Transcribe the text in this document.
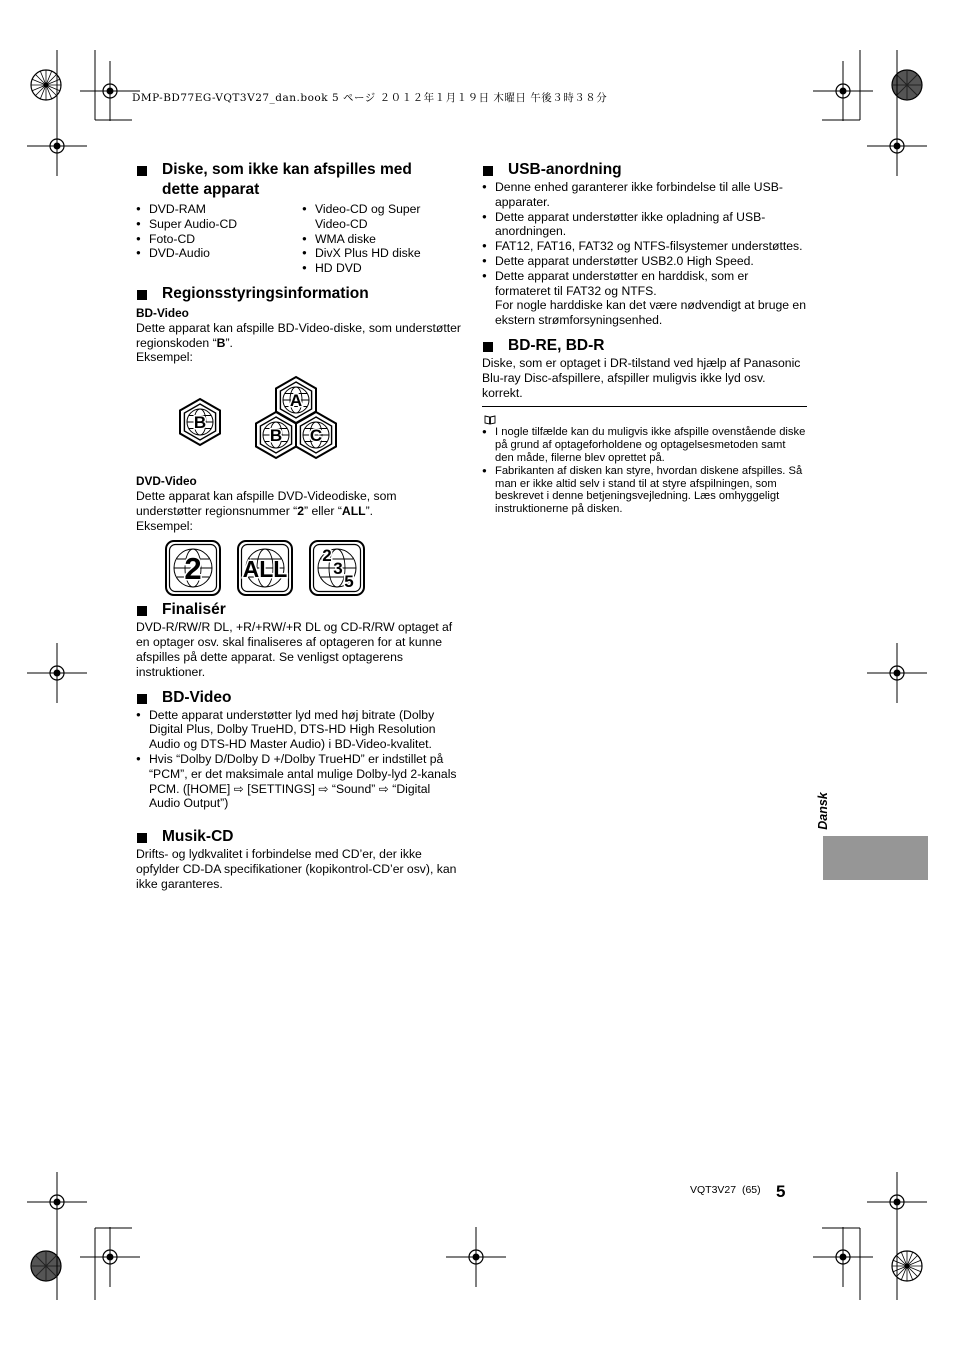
DMP-BD77EG-VQT3V27_dan.book 5 ページ ２０１２年１月１９日 木曜日 午後３時３８分
Diske, som ikke kan afspilles med
dette apparat
● DVD-RAM
● Super Audio-CD
● Foto-CD
● DVD-Audio
● Video-CD og Super Video-CD
● WMA diske
● DivX Plus HD diske
● HD DVD
Regionsstyringsinformation
BD-Video

Dette apparat kan afspille BD-Video-diske, som understøtter regionskoden “B”.

Eksempel:

B
A
B C
DVD-Video

Dette apparat kan afspille DVD-Videodiske, som understøtter regionsnummer “2” eller “ALL”.

Eksempel:

2 ALL
2
3
5
Finalisér

DVD-R/RW/R DL, +R/+RW/+R DL og CD-R/RW optaget af en optager osv. skal finaliseres af optageren for at kunne afspilles på dette apparat. Se venligst optagerens instruktioner.

BD-Video
● Dette apparat understøtter lyd med høj bitrate (Dolby Digital Plus, Dolby TrueHD, DTS-HD High Resolution Audio og DTS-HD Master Audio) i BD-Video-kvalitet.
● Hvis “Dolby D/Dolby D +/Dolby TrueHD” er indstillet på “PCM”, er det maksimale antal mulige Dolby-lyd 2-kanals PCM. ([HOME] ⇨ [SETTINGS] ⇨ “Sound” ⇨ “Digital Audio Output”)
Musik-CD

Drifts- og lydkvalitet i forbindelse med CD’er, der ikke opfylder CD-DA specifikationer (kopikontrol-CD’er osv), kan ikke garanteres.

USB-anordning
● Denne enhed garanterer ikke forbindelse til alle USB-apparater.
● Dette apparat understøtter ikke opladning af USB-anordningen.
● FAT12, FAT16, FAT32 og NTFS-filsystemer understøttes.
● Dette apparat understøtter USB2.0 High Speed.
● Dette apparat understøtter en harddisk, som er formateret til FAT32 og NTFS.

For nogle harddiske kan det være nødvendigt at bruge en ekstern strømforsyningsenhed.

BD-RE, BD-R

Diske, som er optaget i DR-tilstand ved hjælp af Panasonic Blu-ray Disc-afspillere, afspiller muligvis ikke lyd osv. korrekt.

● I nogle tilfælde kan du muligvis ikke afspille ovenstående diske på grund af optageforholdene og optagelsesmetoden samt den måde, filerne blev oprettet på.
● Fabrikanten af disken kan styre, hvordan diskene afspilles. Så man er ikke altid selv i stand til at styre afspilningen, som beskrevet i denne betjeningsvejledning. Læs omhyggeligt instruktionerne på disken.
Dansk
VQT3V27 (65) 5
